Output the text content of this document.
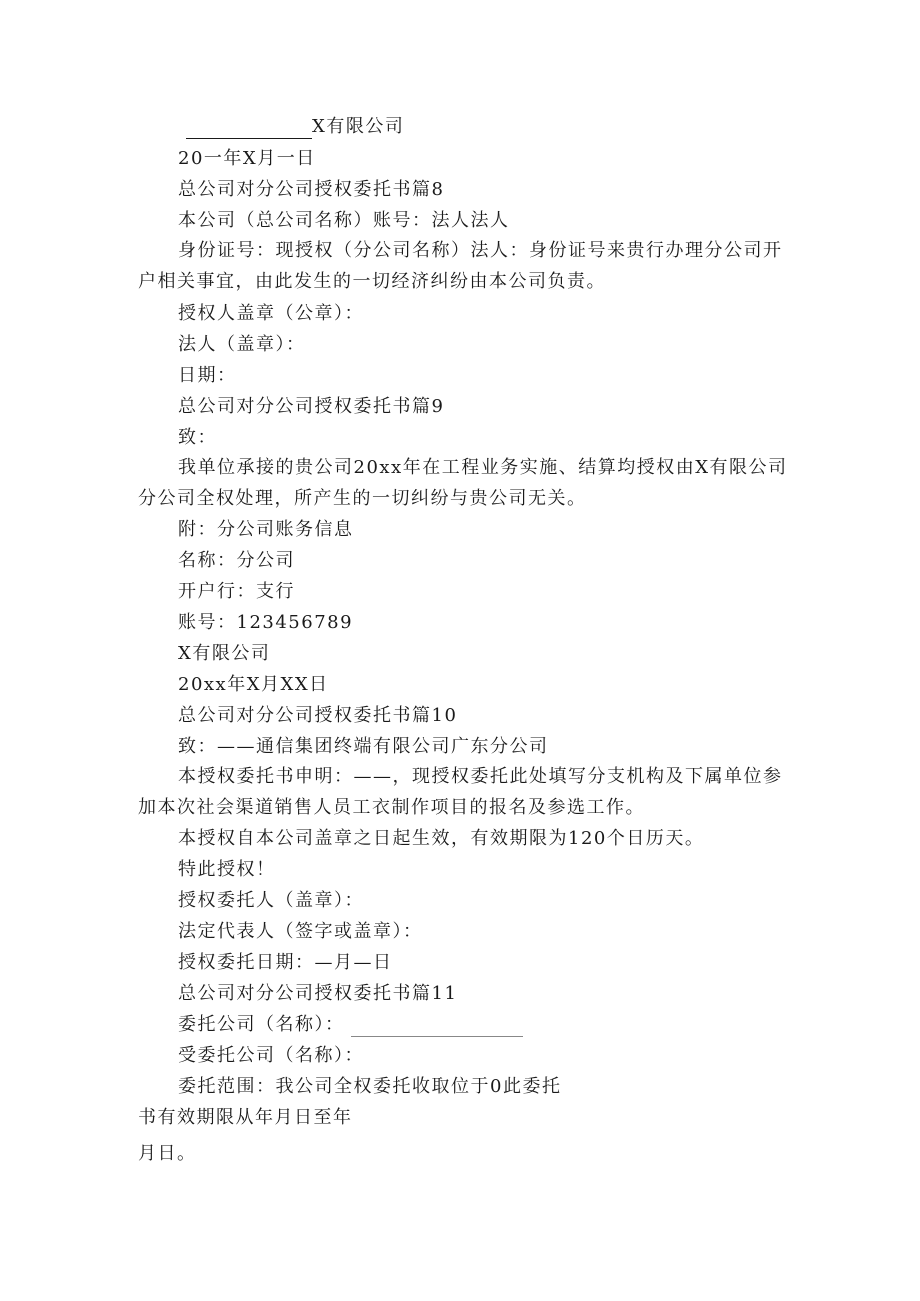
X有限公司
20一年X月一日
总公司对分公司授权委托书篇8
本公司（总公司名称）账号：法人法人
身份证号：现授权（分公司名称）法人：身份证号来贵行办理分公司开户相关事宜，由此发生的一切经济纠纷由本公司负责。
授权人盖章（公章）：
法人（盖章）：
日期：
总公司对分公司授权委托书篇9
致：
我单位承接的贵公司20xx年在工程业务实施、结算均授权由X有限公司分公司全权处理，所产生的一切纠纷与贵公司无关。
附：分公司账务信息
名称：分公司
开户行：支行
账号：123456789
X有限公司
20xx年X月XX日
总公司对分公司授权委托书篇10
致：——通信集团终端有限公司广东分公司
本授权委托书申明：——，现授权委托此处填写分支机构及下属单位参加本次社会渠道销售人员工衣制作项目的报名及参选工作。
本授权自本公司盖章之日起生效，有效期限为120个日历天。
特此授权！
授权委托人（盖章）：
法定代表人（签字或盖章）：
授权委托日期：—月—日
总公司对分公司授权委托书篇11
委托公司（名称）：
受委托公司（名称）：
委托范围：我公司全权委托收取位于0此委托
书有效期限从年月日至年
月日。
